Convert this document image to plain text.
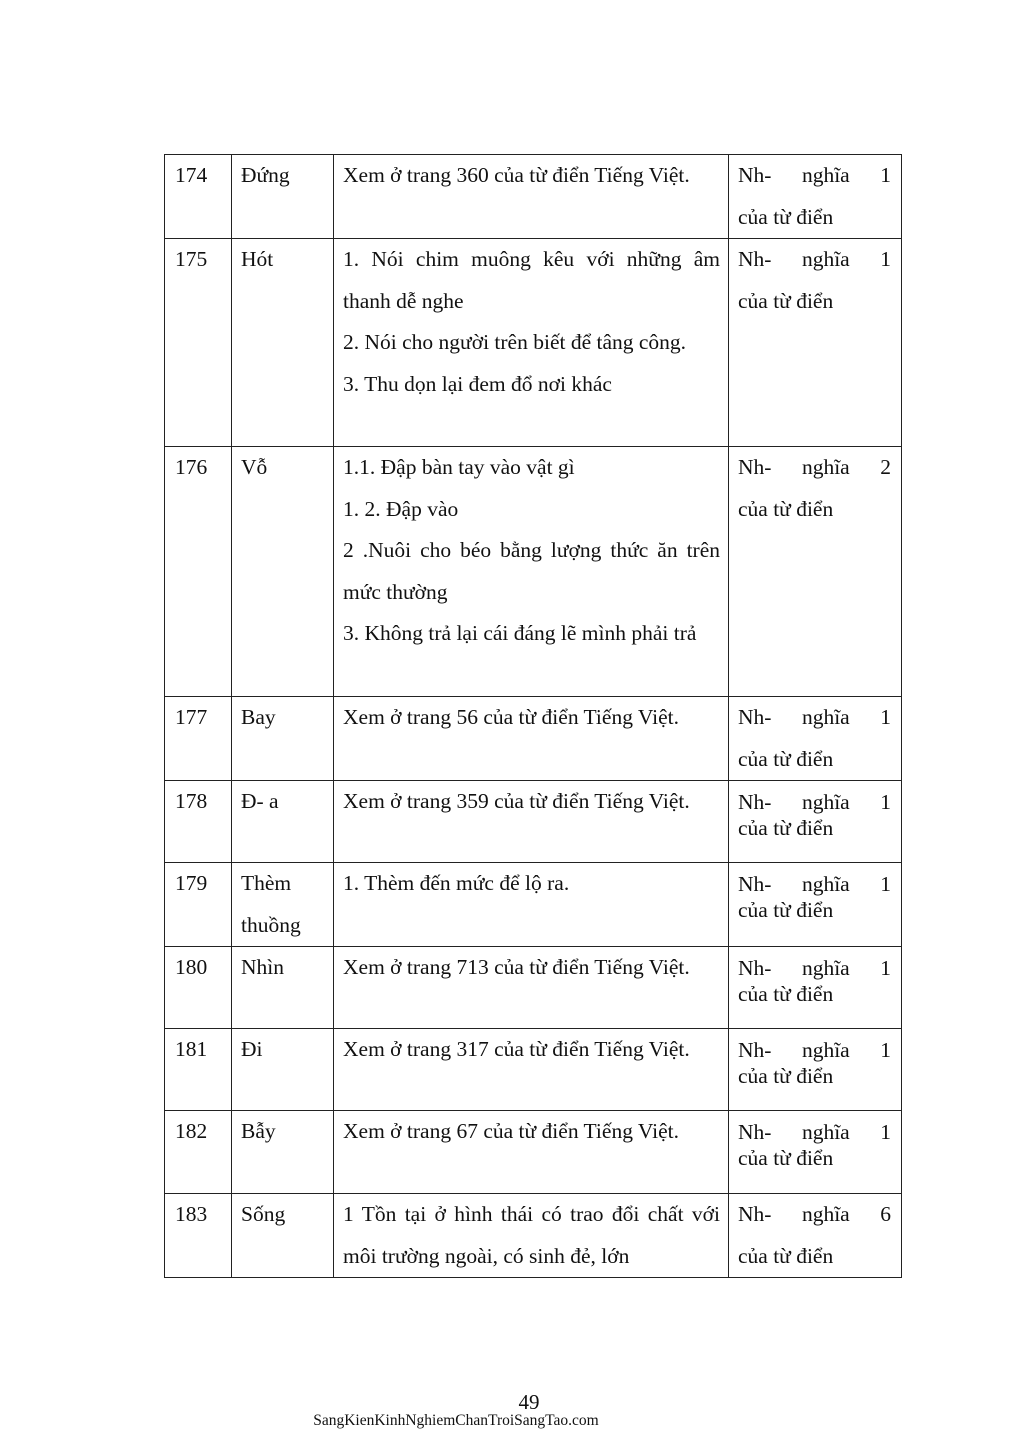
174	Đứng	Xem ở trang 360 của từ điển Tiếng Việt.	Nh- nghĩa 1
của từ điển

175	Hót	1. Nói chim muông kêu với những âm thanh dễ nghe
2. Nói cho người trên biết để tâng công.
3. Thu dọn lại đem đổ nơi khác	Nh- nghĩa 1
của từ điển

176	Vỗ	1.1. Đập bàn tay vào vật gì
1. 2. Đập vào
2 .Nuôi cho béo bằng lượng thức ăn trên mức thường
3. Không trả lại cái đáng lẽ mình phải trả	Nh- nghĩa 2
của từ điển

177	Bay	Xem ở trang 56 của từ điển Tiếng Việt.	Nh- nghĩa 1
của từ điển

178	Đ- a	Xem ở trang 359 của từ điển Tiếng Việt.	Nh- nghĩa 1
của từ điển

179	Thèm thuồng	1. Thèm đến mức để lộ ra.	Nh- nghĩa 1
của từ điển

180	Nhìn	Xem ở trang 713 của từ điển Tiếng Việt.	Nh- nghĩa 1
của từ điển

181	Đi	Xem ở trang 317 của từ điển Tiếng Việt.	Nh- nghĩa 1
của từ điển

182	Bẫy	Xem ở trang 67 của từ điển Tiếng Việt.	Nh- nghĩa 1
của từ điển

183	Sống	1 Tồn tại ở hình thái có trao đổi chất với môi trường ngoài, có sinh đẻ, lớn	Nh- nghĩa 6
của từ điển
49
SangKienKinhNghiemChanTroiSangTao.com
